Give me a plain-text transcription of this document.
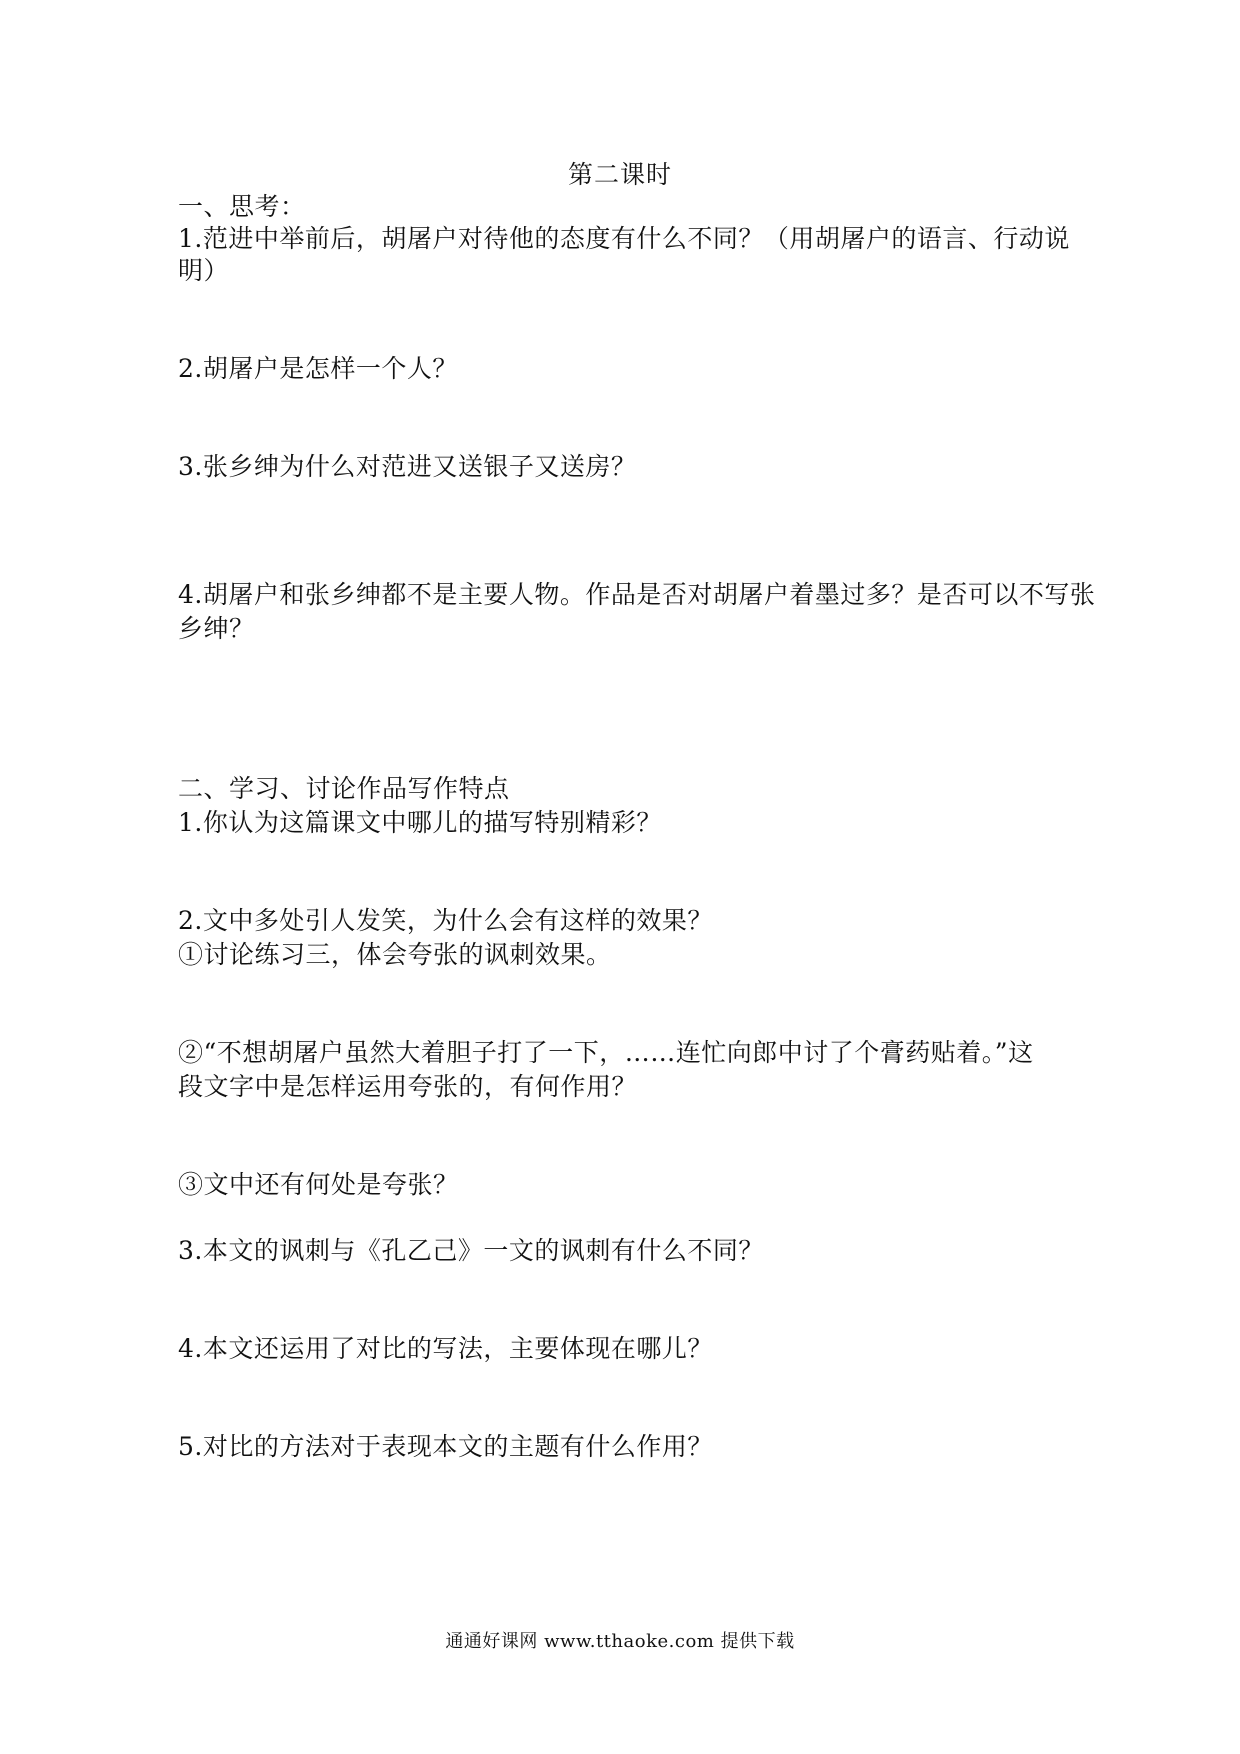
第二课时
一、思考：
1.范进中举前后，胡屠户对待他的态度有什么不同？（用胡屠户的语言、行动说
明）
2.胡屠户是怎样一个人？
3.张乡绅为什么对范进又送银子又送房？
4.胡屠户和张乡绅都不是主要人物。作品是否对胡屠户着墨过多？是否可以不写张
乡绅？
二、学习、讨论作品写作特点
1.你认为这篇课文中哪儿的描写特别精彩？
2.文中多处引人发笑，为什么会有这样的效果？
①讨论练习三，体会夸张的讽刺效果。
②“不想胡屠户虽然大着胆子打了一下，……连忙向郎中讨了个膏药贴着。”这
段文字中是怎样运用夸张的，有何作用？
③文中还有何处是夸张？
3.本文的讽刺与《孔乙己》一文的讽刺有什么不同？
4.本文还运用了对比的写法，主要体现在哪儿？
5.对比的方法对于表现本文的主题有什么作用？
通通好课网 www.tthaoke.com 提供下载
